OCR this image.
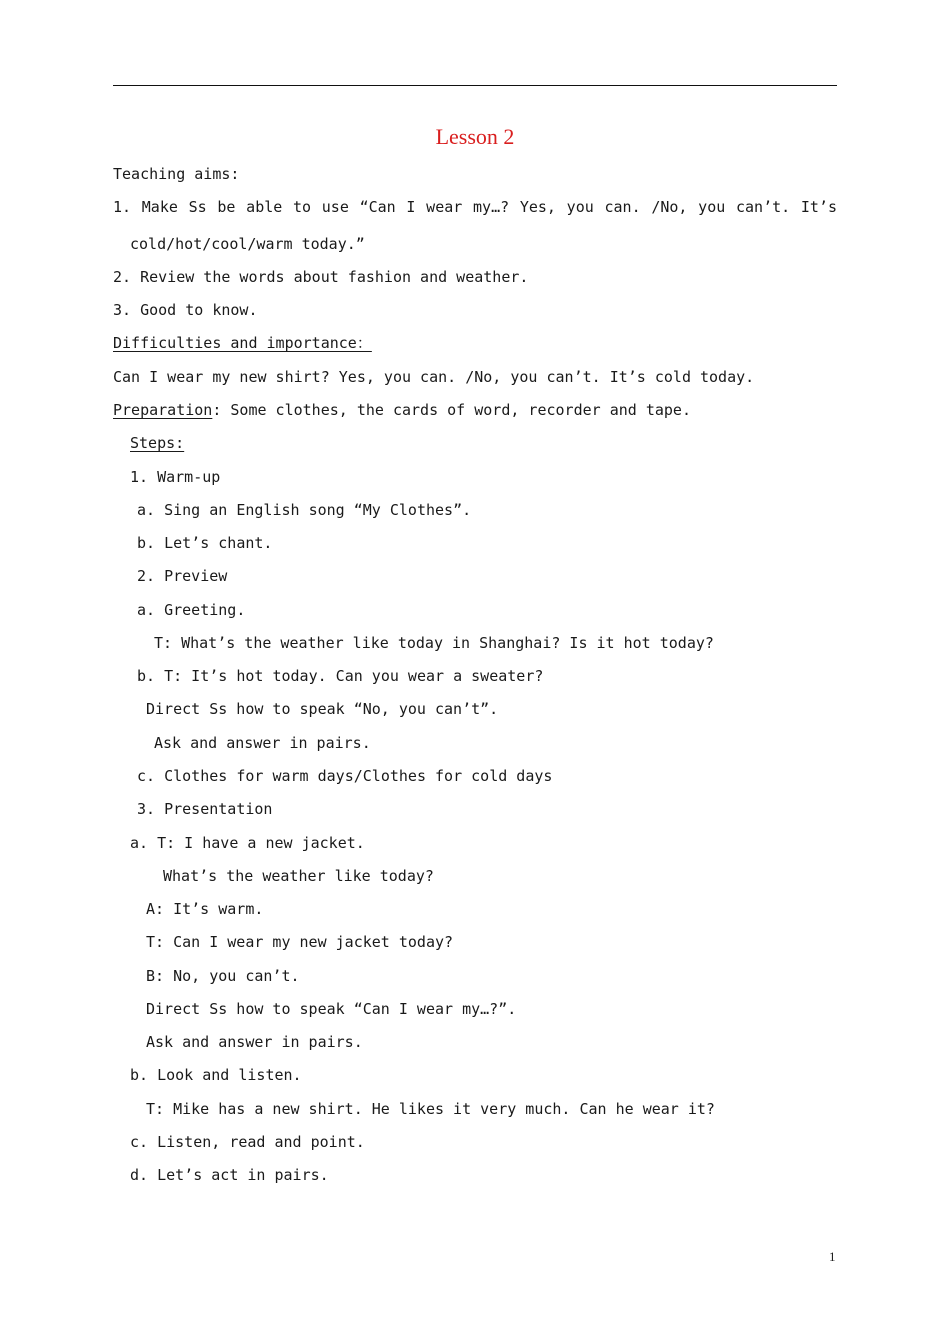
Lesson 2
Teaching aims:
1. Make Ss be able to use “Can I wear my…? Yes, you can. /No, you can’t. It’s
cold/hot/cool/warm today.”
2. Review the words about fashion and weather.
3. Good to know.
Difficulties and importance：
Can I wear my new shirt? Yes, you can. /No, you can’t. It’s cold today.
Preparation: Some clothes, the cards of word, recorder and tape.
Steps:
1. Warm-up
a. Sing an English song “My Clothes”.
b. Let’s chant.
2. Preview
a. Greeting.
T: What’s the weather like today in Shanghai? Is it hot today?
b. T: It’s hot today. Can you wear a sweater?
Direct Ss how to speak “No, you can’t”.
Ask and answer in pairs.
c. Clothes for warm days/Clothes for cold days
3. Presentation
a. T: I have a new jacket.
What’s the weather like today?
A: It’s warm.
T: Can I wear my new jacket today?
B: No, you can’t.
Direct Ss how to speak “Can I wear my…?”.
Ask and answer in pairs.
b. Look and listen.
T: Mike has a new shirt. He likes it very much. Can he wear it?
c. Listen, read and point.
d. Let’s act in pairs.
1
